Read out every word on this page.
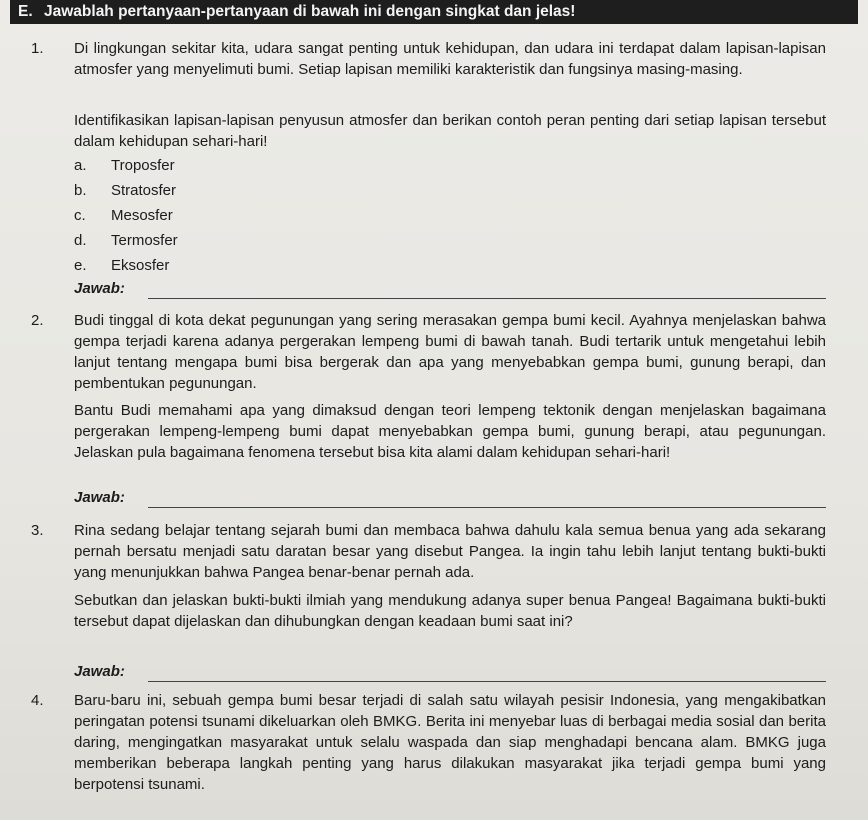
E. Jawablah pertanyaan-pertanyaan di bawah ini dengan singkat dan jelas!
1. Di lingkungan sekitar kita, udara sangat penting untuk kehidupan, dan udara ini terdapat dalam lapisan-lapisan atmosfer yang menyelimuti bumi. Setiap lapisan memiliki karakteristik dan fungsinya masing-masing.
Identifikasikan lapisan-lapisan penyusun atmosfer dan berikan contoh peran penting dari setiap lapisan tersebut dalam kehidupan sehari-hari!
a. Troposfer
b. Stratosfer
c. Mesosfer
d. Termosfer
e. Eksosfer
Jawab:
2. Budi tinggal di kota dekat pegunungan yang sering merasakan gempa bumi kecil. Ayahnya menjelaskan bahwa gempa terjadi karena adanya pergerakan lempeng bumi di bawah tanah. Budi tertarik untuk mengetahui lebih lanjut tentang mengapa bumi bisa bergerak dan apa yang menyebabkan gempa bumi, gunung berapi, dan pembentukan pegunungan.
Bantu Budi memahami apa yang dimaksud dengan teori lempeng tektonik dengan menjelaskan bagaimana pergerakan lempeng-lempeng bumi dapat menyebabkan gempa bumi, gunung berapi, atau pegunungan. Jelaskan pula bagaimana fenomena tersebut bisa kita alami dalam kehidupan sehari-hari!
Jawab:
3. Rina sedang belajar tentang sejarah bumi dan membaca bahwa dahulu kala semua benua yang ada sekarang pernah bersatu menjadi satu daratan besar yang disebut Pangea. Ia ingin tahu lebih lanjut tentang bukti-bukti yang menunjukkan bahwa Pangea benar-benar pernah ada.
Sebutkan dan jelaskan bukti-bukti ilmiah yang mendukung adanya super benua Pangea! Bagaimana bukti-bukti tersebut dapat dijelaskan dan dihubungkan dengan keadaan bumi saat ini?
Jawab:
4. Baru-baru ini, sebuah gempa bumi besar terjadi di salah satu wilayah pesisir Indonesia, yang mengakibatkan peringatan potensi tsunami dikeluarkan oleh BMKG. Berita ini menyebar luas di berbagai media sosial dan berita daring, mengingatkan masyarakat untuk selalu waspada dan siap menghadapi bencana alam. BMKG juga memberikan beberapa langkah penting yang harus dilakukan masyarakat jika terjadi gempa bumi yang berpotensi tsunami.
